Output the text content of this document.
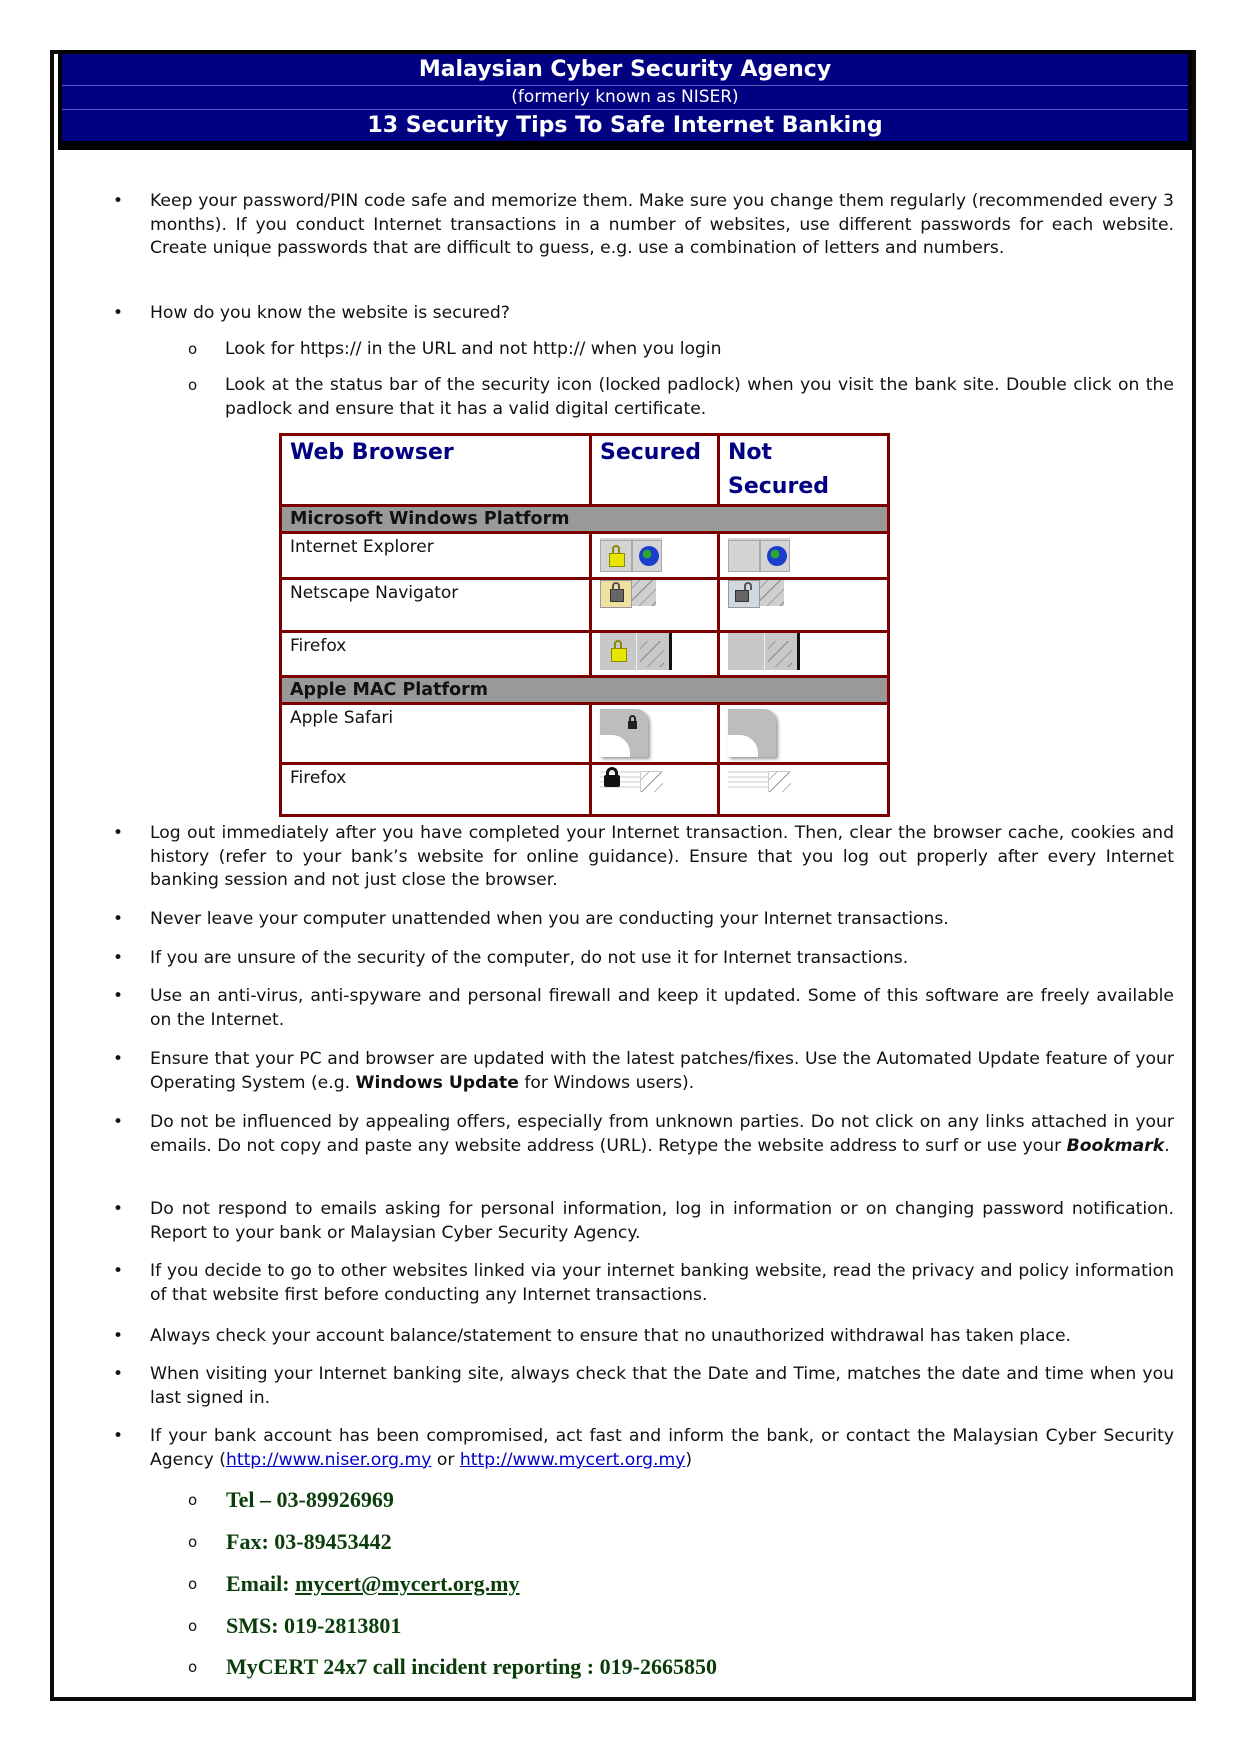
Malaysian Cyber Security Agency
(formerly known as NISER)
13 Security Tips To Safe Internet Banking
• Keep your password/PIN code safe and memorize them. Make sure you change them regularly (recommended every 3 months). If you conduct Internet transactions in a number of websites, use different passwords for each website. Create unique passwords that are difficult to guess, e.g. use a combination of letters and numbers.
• How do you know the website is secured?
o Look for https:// in the URL and not http:// when you login
o Look at the status bar of the security icon (locked padlock) when you visit the bank site. Double click on the padlock and ensure that it has a valid digital certificate.
Web Browser	Secured	Not Secured
Microsoft Windows Platform		
Internet Explorer	

Netscape Navigator	

Firefox	

Apple MAC Platform		
Apple Safari	

Firefox	

• Log out immediately after you have completed your Internet transaction. Then, clear the browser cache, cookies and history (refer to your bank’s website for online guidance). Ensure that you log out properly after every Internet banking session and not just close the browser.
• Never leave your computer unattended when you are conducting your Internet transactions.
• If you are unsure of the security of the computer, do not use it for Internet transactions.
• Use an anti-virus, anti-spyware and personal firewall and keep it updated. Some of this software are freely available on the Internet.
• Ensure that your PC and browser are updated with the latest patches/fixes. Use the Automated Update feature of your Operating System (e.g. Windows Update for Windows users).
• Do not be influenced by appealing offers, especially from unknown parties. Do not click on any links attached in your emails. Do not copy and paste any website address (URL). Retype the website address to surf or use your Bookmark.
• Do not respond to emails asking for personal information, log in information or on changing password notification. Report to your bank or Malaysian Cyber Security Agency.
• If you decide to go to other websites linked via your internet banking website, read the privacy and policy information of that website first before conducting any Internet transactions.
• Always check your account balance/statement to ensure that no unauthorized withdrawal has taken place.
• When visiting your Internet banking site, always check that the Date and Time, matches the date and time when you last signed in.
• If your bank account has been compromised, act fast and inform the bank, or contact the Malaysian Cyber Security Agency (http://www.niser.org.my or http://www.mycert.org.my)
o Tel – 03-89926969
o Fax: 03-89453442
o Email: mycert@mycert.org.my
o SMS: 019-2813801
o MyCERT 24x7 call incident reporting : 019-2665850
